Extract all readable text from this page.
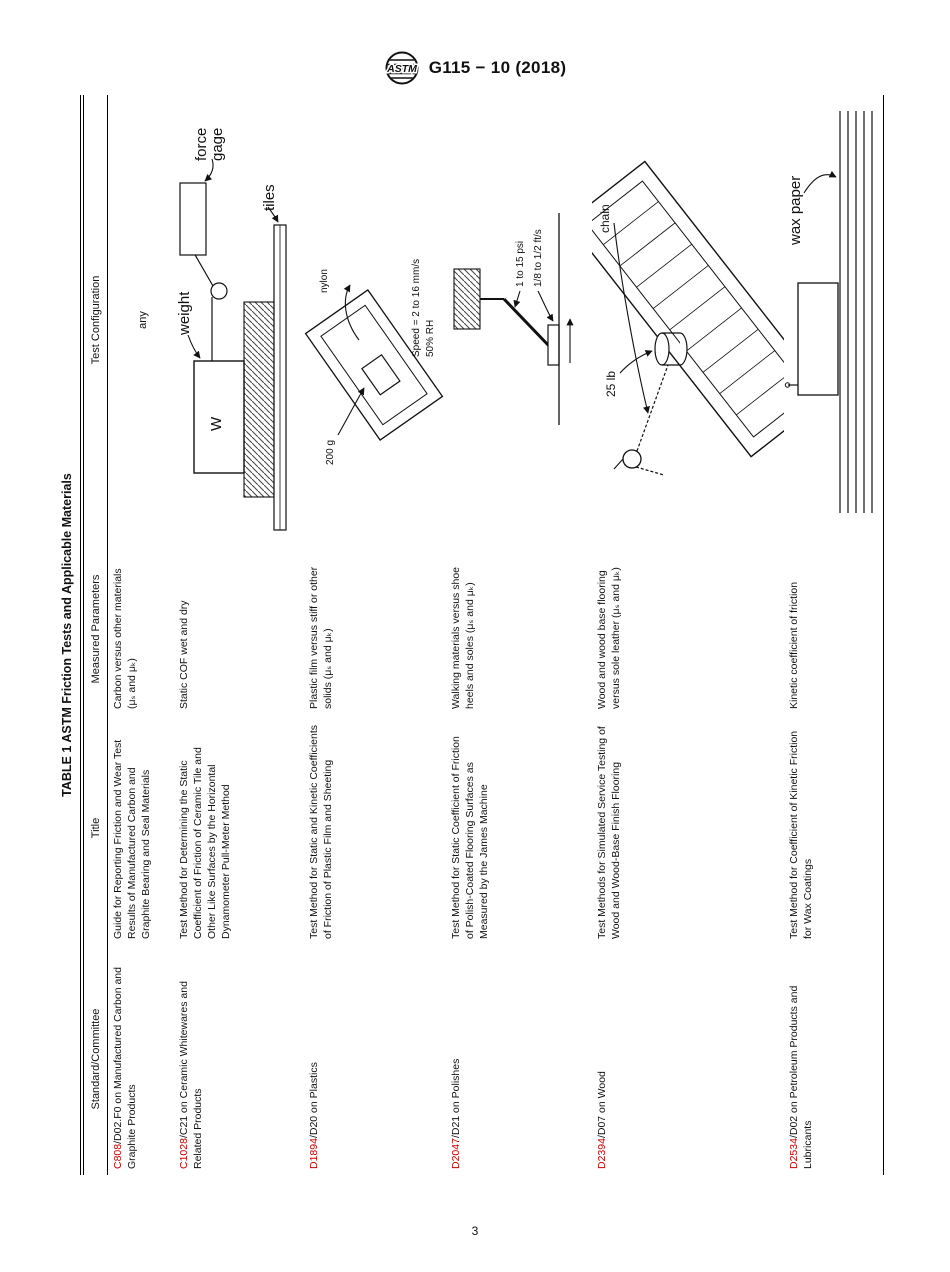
ASTM G115 − 10 (2018)
TABLE 1 ASTM Friction Tests and Applicable Materials
Standard/Committee
Title
Measured Parameters
Test Configuration
C808/D02.F0 on Manufactured Carbon and Graphite Products
Guide for Reporting Friction and Wear Test Results of Manufactured Carbon and Graphite Bearing and Seal Materials
Carbon versus other materials (μₛ and μₖ)
any
C1028/C21 on Ceramic Whitewares and Related Products
Test Method for Determining the Static Coefficient of Friction of Ceramic Tile and Other Like Surfaces by the Horizontal Dynamometer Pull-Meter Method
Static COF wet and dry
weight
W
force gage
tiles
D1894/D20 on Plastics
Test Method for Static and Kinetic Coefficients of Friction of Plastic Film and Sheeting
Plastic film versus stiff or other solids (μₛ and μₖ)
200 g
nylon	Speed = 2 to 16 mm/s 50% RH
D2047/D21 on Polishes
Test Method for Static Coefficient of Friction of Polish-Coated Flooring Surfaces as Measured by the James Machine
Walking materials versus shoe heels and soles (μₛ and μₖ)
1 to 15 psi 1/8 to 1/2 ft/s
D2394/D07 on Wood
Test Methods for Simulated Service Testing of Wood and Wood-Base Finish Flooring
Wood and wood base flooring versus sole leather (μₛ and μₖ)
25 lb
chain
D2534/D02 on Petroleum Products and Lubricants
Test Method for Coefficient of Kinetic Friction for Wax Coatings
Kinetic coefficient of friction
wax paper
3
